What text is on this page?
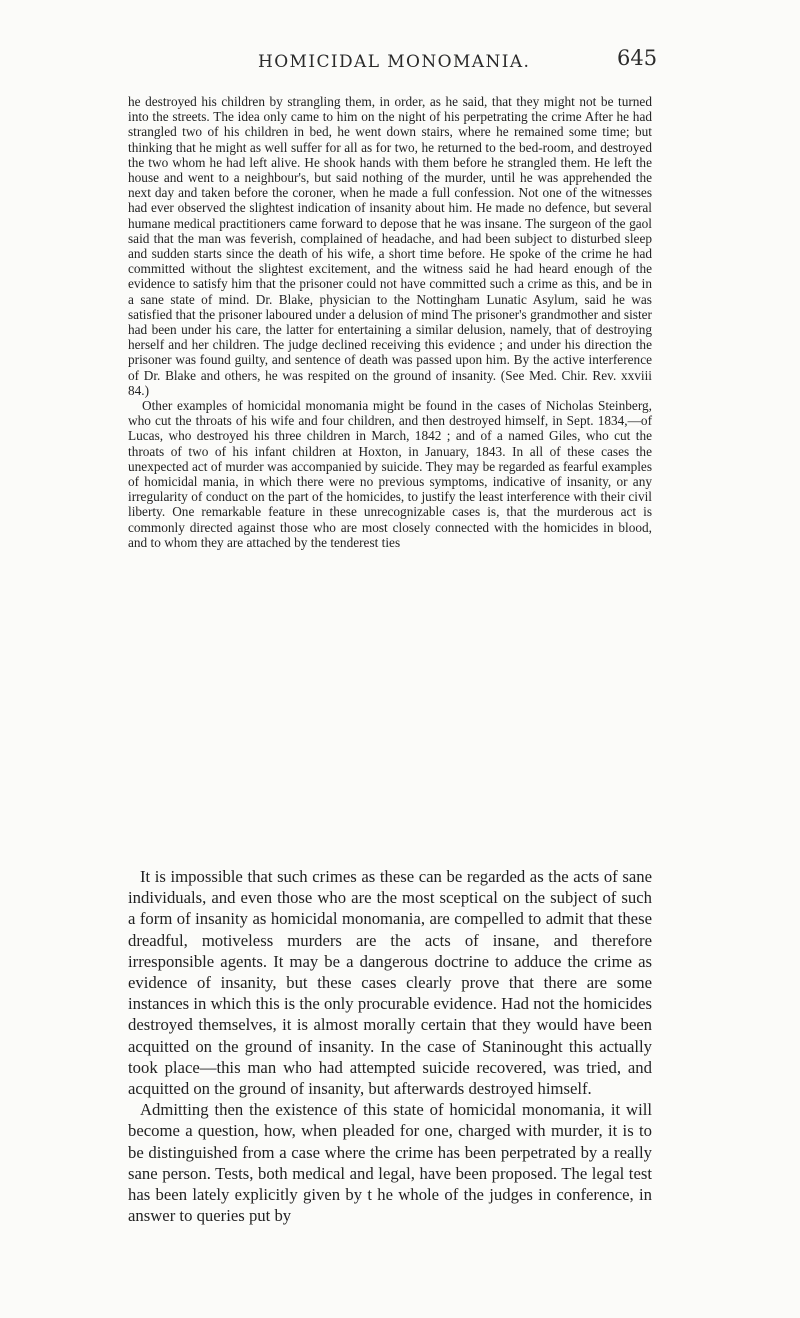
HOMICIDAL MONOMANIA.	645

he destroyed his children by strangling them, in order, as he said, that they might not be turned into the streets. The idea only came to him on the night of his perpetrating the crime After he had strangled two of his children in bed, he went down stairs, where he remained some time; but thinking that he might as well suffer for all as for two, he returned to the bed-room, and destroyed the two whom he had left alive. He shook hands with them before he strangled them. He left the house and went to a neighbour's, but said nothing of the murder, until he was apprehended the next day and taken before the coroner, when he made a full confession. Not one of the witnesses had ever observed the slightest indication of insanity about him. He made no defence, but several humane medical practitioners came forward to depose that he was insane. The surgeon of the gaol said that the man was feverish, complained of headache, and had been subject to disturbed sleep and sudden starts since the death of his wife, a short time before. He spoke of the crime he had committed without the slightest excitement, and the witness said he had heard enough of the evidence to satisfy him that the prisoner could not have committed such a crime as this, and be in a sane state of mind. Dr. Blake, physician to the Nottingham Lunatic Asylum, said he was satisfied that the prisoner laboured under a delusion of mind The prisoner's grandmother and sister had been under his care, the latter for entertaining a similar delusion, namely, that of destroying herself and her children. The judge declined receiving this evidence ; and under his direction the prisoner was found guilty, and sentence of death was passed upon him. By the active interference of Dr. Blake and others, he was respited on the ground of insanity. (See Med. Chir. Rev. xxviii 84.)

Other examples of homicidal monomania might be found in the cases of Nicholas Steinberg, who cut the throats of his wife and four children, and then destroyed himself, in Sept. 1834,—of Lucas, who destroyed his three children in March, 1842 ; and of a named Giles, who cut the throats of two of his infant children at Hoxton, in January, 1843. In all of these cases the unexpected act of murder was accompanied by suicide. They may be regarded as fearful examples of homicidal mania, in which there were no previous symptoms, indicative of insanity, or any irregularity of conduct on the part of the homicides, to justify the least interference with their civil liberty. One remarkable feature in these unrecognizable cases is, that the murderous act is commonly directed against those who are most closely connected with the homicides in blood, and to whom they are attached by the tenderest ties

It is impossible that such crimes as these can be regarded as the acts of sane individuals, and even those who are the most sceptical on the subject of such a form of insanity as homicidal monomania, are compelled to admit that these dreadful, motiveless murders are the acts of insane, and therefore irresponsible agents. It may be a dangerous doctrine to adduce the crime as evidence of insanity, but these cases clearly prove that there are some instances in which this is the only procurable evidence. Had not the homicides destroyed themselves, it is almost morally certain that they would have been acquitted on the ground of insanity. In the case of Staninought this actually took place—this man who had attempted suicide recovered, was tried, and acquitted on the ground of insanity, but afterwards destroyed himself.

Admitting then the existence of this state of homicidal monomania, it will become a question, how, when pleaded for one, charged with murder, it is to be distinguished from a case where the crime has been perpetrated by a really sane person. Tests, both medical and legal, have been proposed. The legal test has been lately explicitly given by t he whole of the judges in conference, in answer to queries put by
